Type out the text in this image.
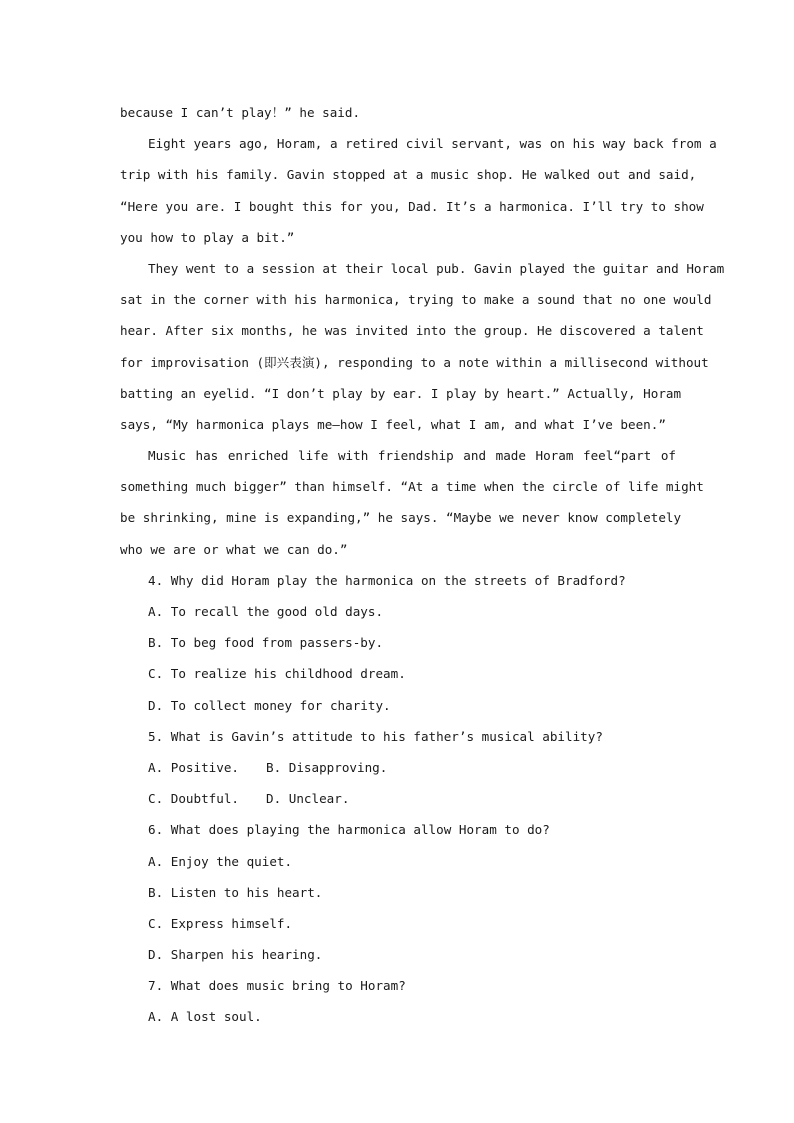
because I can’t play！” he said.
Eight years ago, Horam, a retired civil servant, was on his way back from a
trip with his family. Gavin stopped at a music shop. He walked out and said,
“Here you are. I bought this for you, Dad. It’s a harmonica. I’ll try to show
you how to play a bit.”
They went to a session at their local pub. Gavin played the guitar and Horam
sat in the corner with his harmonica, trying to make a sound that no one would
hear. After six months, he was invited into the group. He discovered a talent
for improvisation (即兴表演), responding to a note within a millisecond without
batting an eyelid. “I don’t play by ear. I play by heart.” Actually, Horam
says, “My harmonica plays me—how I feel, what I am, and what I’ve been.”
Music has enriched life with friendship and made Horam feel“part of
something much bigger” than himself. “At a time when the circle of life might
be shrinking, mine is expanding,” he says. “Maybe we never know completely
who we are or what we can do.”
4. Why did Horam play the harmonica on the streets of Bradford?
A. To recall the good old days.
B. To beg food from passers-by.
C. To realize his childhood dream.
D. To collect money for charity.
5. What is Gavin’s attitude to his father’s musical ability?
A. Positive.	B. Disapproving.
C. Doubtful.	D. Unclear.
6. What does playing the harmonica allow Horam to do?
A. Enjoy the quiet.
B. Listen to his heart.
C. Express himself.
D. Sharpen his hearing.
7. What does music bring to Horam?
A. A lost soul.
